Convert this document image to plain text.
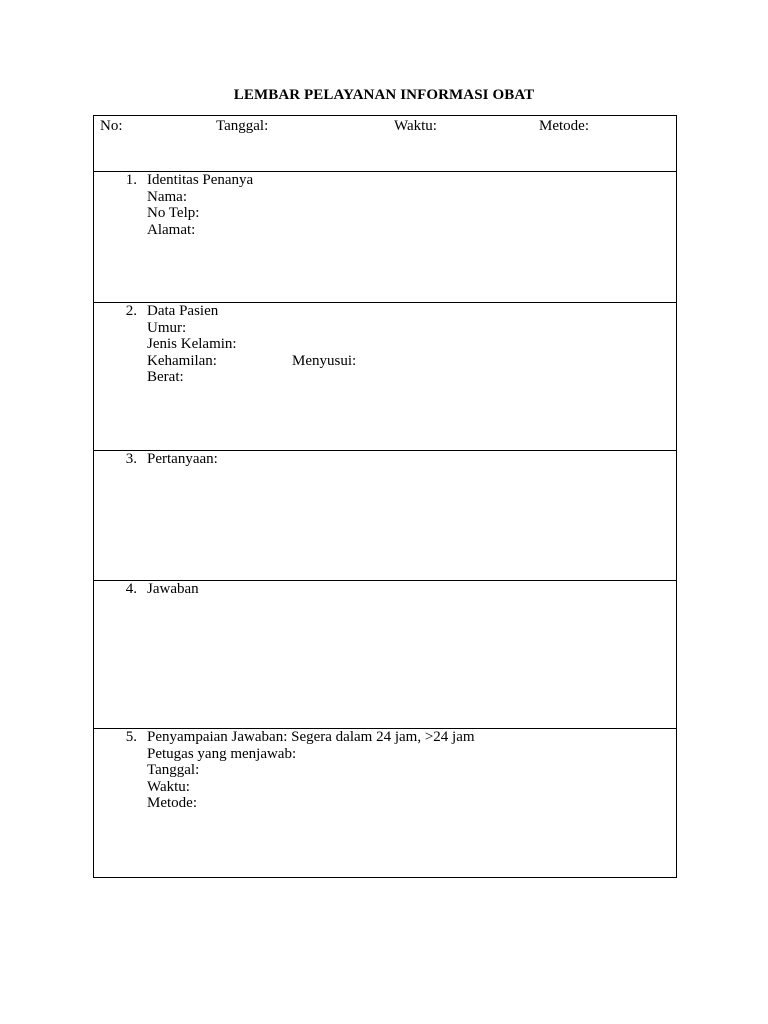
LEMBAR PELAYANAN INFORMASI OBAT
No:	Tanggal:	Waktu:	Metode:
1. Identitas Penanya
Nama:
No Telp:
Alamat:
2. Data Pasien
Umur:
Jenis Kelamin:
Kehamilan:	Menyusui:
Berat:
3. Pertanyaan:
4. Jawaban
5. Penyampaian Jawaban: Segera dalam 24 jam, >24 jam
Petugas yang menjawab:
Tanggal:
Waktu:
Metode:
